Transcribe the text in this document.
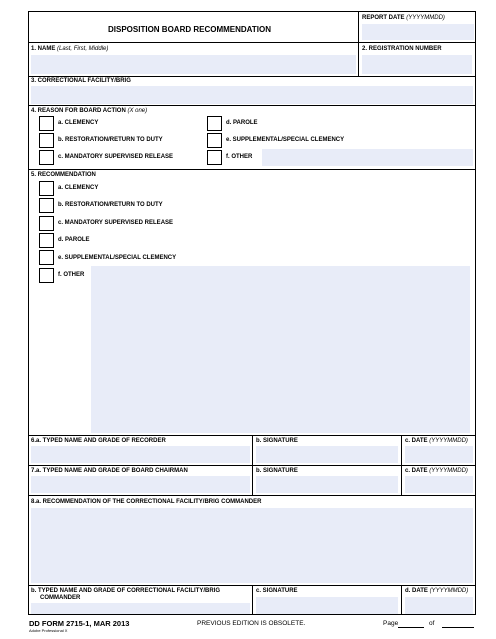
DISPOSITION BOARD RECOMMENDATION
REPORT DATE (YYYYMMDD)
1. NAME (Last, First, Middle)	2. REGISTRATION NUMBER
3. CORRECTIONAL FACILITY/BRIG
4. REASON FOR BOARD ACTION (X one)
a. CLEMENCY
b. RESTORATION/RETURN TO DUTY
c. MANDATORY SUPERVISED RELEASE
d. PAROLE
e. SUPPLEMENTAL/SPECIAL CLEMENCY
f. OTHER
5. RECOMMENDATION
a. CLEMENCY
b. RESTORATION/RETURN TO DUTY
c. MANDATORY SUPERVISED RELEASE
d. PAROLE
e. SUPPLEMENTAL/SPECIAL CLEMENCY
f. OTHER
6.a. TYPED NAME AND GRADE OF RECORDER	b. SIGNATURE	c. DATE (YYYYMMDD)
7.a. TYPED NAME AND GRADE OF BOARD CHAIRMAN	b. SIGNATURE	c. DATE (YYYYMMDD)
8.a. RECOMMENDATION OF THE CORRECTIONAL FACILITY/BRIG COMMANDER
b. TYPED NAME AND GRADE OF CORRECTIONAL FACILITY/BRIG
COMMANDER
c. SIGNATURE	d. DATE (YYYYMMDD)
DD FORM 2715-1, MAR 2013
Adobe Professional X
PREVIOUS EDITION IS OBSOLETE.	Page	of
